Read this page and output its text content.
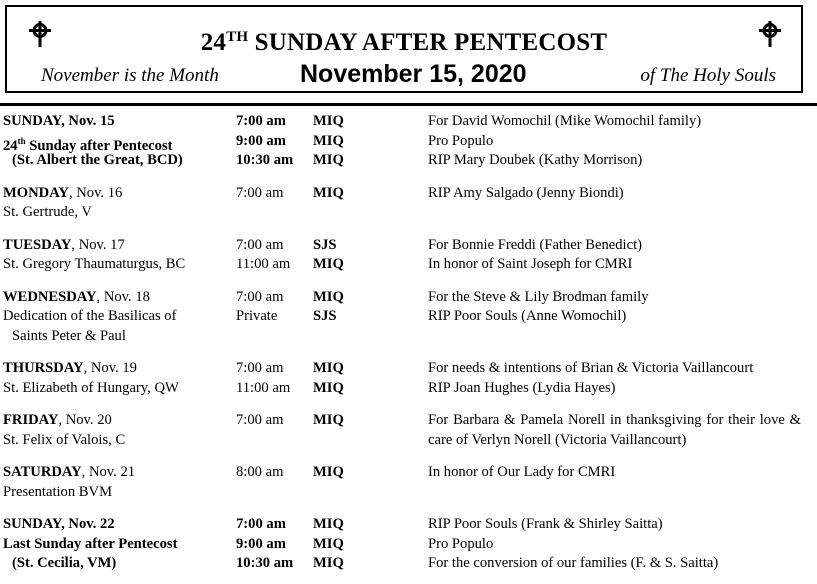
24TH SUNDAY AFTER PENTECOST
November is the Month	November 15, 2020	of The Holy Souls
SUNDAY, Nov. 15	7:00 am MIQ	For David Womochil (Mike Womochil family)
24th Sunday after Pentecost	9:00 am MIQ	Pro Populo
(St. Albert the Great, BCD)	10:30 am MIQ	RIP Mary Doubek (Kathy Morrison)
MONDAY, Nov. 16	7:00 am MIQ	RIP Amy Salgado (Jenny Biondi)
St. Gertrude, V
TUESDAY, Nov. 17	7:00 am SJS	For Bonnie Freddi (Father Benedict)
St. Gregory Thaumaturgus, BC	11:00 am MIQ	In honor of Saint Joseph for CMRI
WEDNESDAY, Nov. 18	7:00 am MIQ	For the Steve & Lily Brodman family
Dedication of the Basilicas of	Private SJS	RIP Poor Souls (Anne Womochil)
Saints Peter & Paul
THURSDAY, Nov. 19	7:00 am MIQ	For needs & intentions of Brian & Victoria Vaillancourt
St. Elizabeth of Hungary, QW	11:00 am MIQ	RIP Joan Hughes (Lydia Hayes)
FRIDAY, Nov. 20	7:00 am MIQ	For Barbara & Pamela Norell in thanksgiving for their love & care of Verlyn Norell (Victoria Vaillancourt)
St. Felix of Valois, C
SATURDAY, Nov. 21	8:00 am MIQ	In honor of Our Lady for CMRI
Presentation BVM
SUNDAY, Nov. 22	7:00 am MIQ	RIP Poor Souls (Frank & Shirley Saitta)
Last Sunday after Pentecost	9:00 am MIQ	Pro Populo
(St. Cecilia, VM)	10:30 am MIQ	For the conversion of our families (F. & S. Saitta)
